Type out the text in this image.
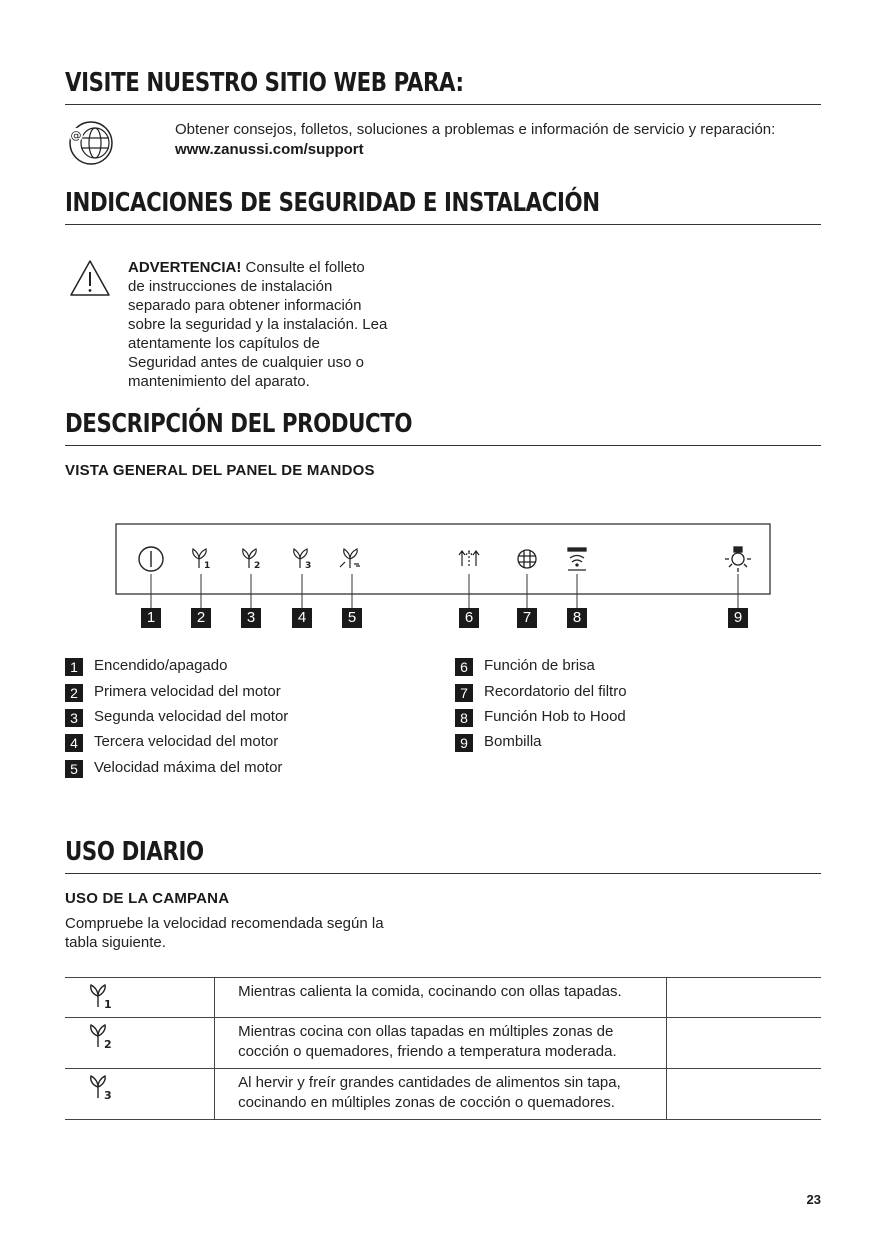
VISITE NUESTRO SITIO WEB PARA:
@	Obtener consejos, folletos, soluciones a problemas e información de servicio y reparación:
www.zanussi.com/support
INDICACIONES DE SEGURIDAD E INSTALACIÓN
ADVERTENCIA! Consulte el folleto
de instrucciones de instalación
separado para obtener información
sobre la seguridad y la instalación. Lea
atentamente los capítulos de
Seguridad antes de cualquier uso o
mantenimiento del aparato.
DESCRIPCIÓN DEL PRODUCTO
VISTA GENERAL DEL PANEL DE MANDOS
1	2	3
1	2	3	4	5	6	7	8	9
1	Encendido/apagado
2	Primera velocidad del motor
3	Segunda velocidad del motor
4	Tercera velocidad del motor
5	Velocidad máxima del motor
6	Función de brisa
7	Recordatorio del filtro
8	Función Hob to Hood
9	Bombilla
USO DIARIO
USO DE LA CAMPANA
Compruebe la velocidad recomendada según la
tabla siguiente.
1	Mientras calienta la comida, cocinando con ollas tapadas.	

2	Mientras cocina con ollas tapadas en múltiples zonas de
cocción o quemadores, friendo a temperatura moderada.	

3	Al hervir y freír grandes cantidades de alimentos sin tapa,
cocinando en múltiples zonas de cocción o quemadores.	

23
